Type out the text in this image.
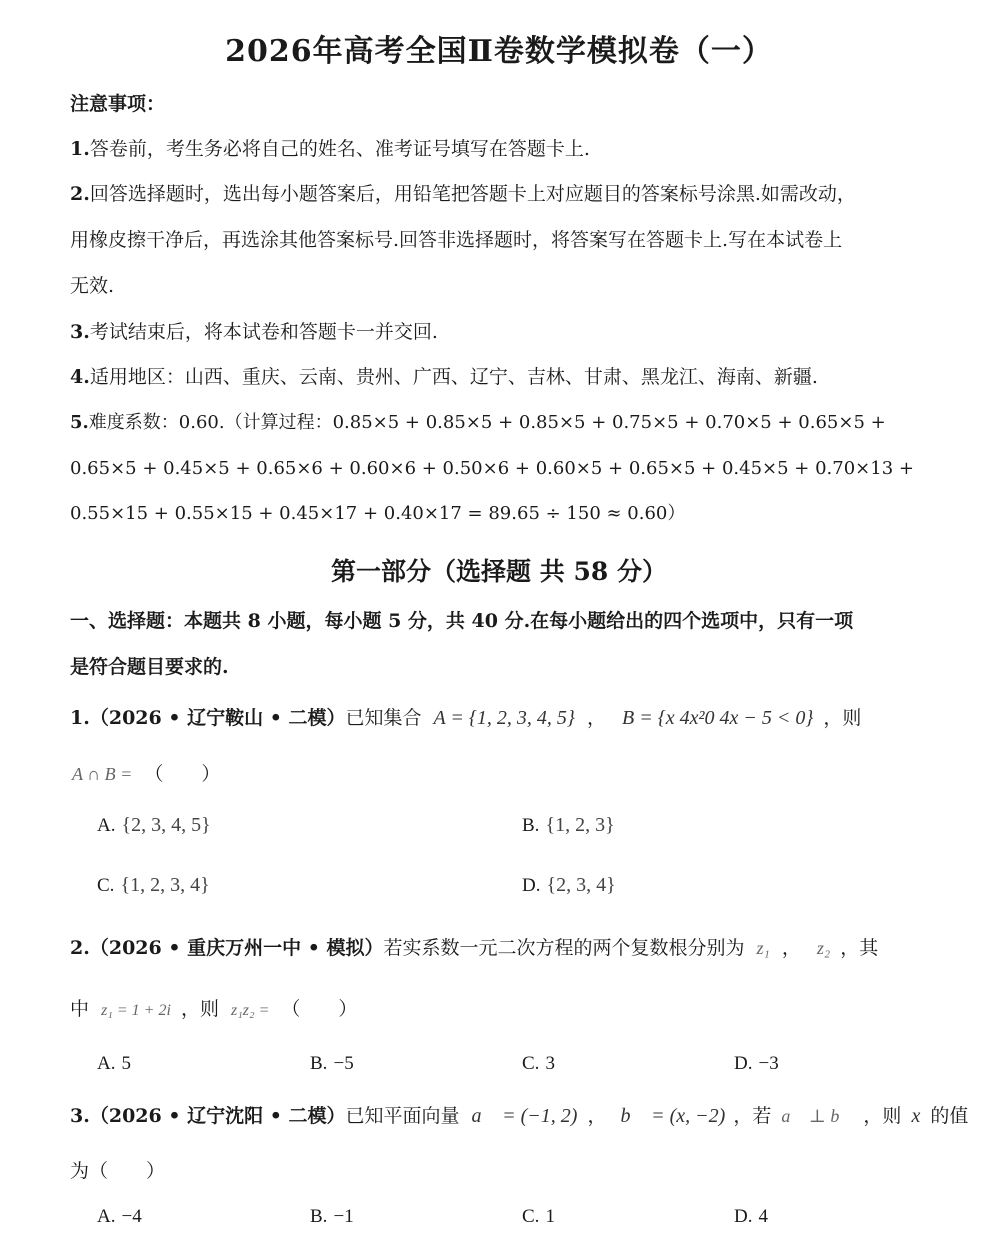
2026年高考全国Ⅱ卷数学模拟卷（一）
注意事项：
1.答卷前，考生务必将自己的姓名、准考证号填写在答题卡上.
2.回答选择题时，选出每小题答案后，用铅笔把答题卡上对应题目的答案标号涂黑.如需改动，
用橡皮擦干净后，再选涂其他答案标号.回答非选择题时，将答案写在答题卡上.写在本试卷上
无效.
3.考试结束后，将本试卷和答题卡一并交回.
4.适用地区：山西、重庆、云南、贵州、广西、辽宁、吉林、甘肃、黑龙江、海南、新疆.
5.难度系数：0.60.（计算过程：0.85×5 + 0.85×5 + 0.85×5 + 0.75×5 + 0.70×5 + 0.65×5 +
0.65×5 + 0.45×5 + 0.65×6 + 0.60×6 + 0.50×6 + 0.60×5 + 0.65×5 + 0.45×5 + 0.70×13 +
0.55×15 + 0.55×15 + 0.45×17 + 0.40×17 = 89.65 ÷ 150 ≈ 0.60）
第一部分（选择题 共 58 分）
一、选择题：本题共 8 小题，每小题 5 分，共 40 分.在每小题给出的四个选项中，只有一项
是符合题目要求的.
1.（2026 • 辽宁鞍山 • 二模）已知集合 A = {1, 2, 3, 4, 5} ， B = {x 4x²0 4x − 5 < 0} ，则
A ∩ B = （　　）
A. {2, 3, 4, 5}	B. {1, 2, 3}
C. {1, 2, 3, 4}	D. {2, 3, 4}
2.（2026 • 重庆万州一中 • 模拟）若实系数一元二次方程的两个复数根分别为 z₁ ， z₂ ，其
中 z₁ = 1 + 2i ，则 z₁z₂ = （　　）
A. 5	B. −5	C. 3	D. −3
3.（2026 • 辽宁沈阳 • 二模）已知平面向量 a⃗ = (−1, 2) ， b⃗ = (x, −2) ，若 a⃗ ⊥ b⃗ ，则 x 的值
为（　　）
A. −4	B. −1	C. 1	D. 4
